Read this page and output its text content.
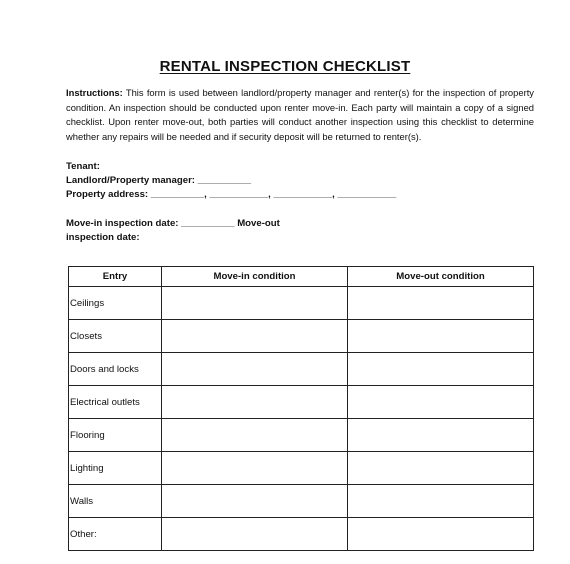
RENTAL INSPECTION CHECKLIST
Instructions: This form is used between landlord/property manager and renter(s) for the inspection of property condition. An inspection should be conducted upon renter move-in. Each party will maintain a copy of a signed checklist. Upon renter move-out, both parties will conduct another inspection using this checklist to determine whether any repairs will be needed and if security deposit will be returned to renter(s).
Tenant:
Landlord/Property manager: __________
Property address: __________, ___________, ___________, ___________
Move-in inspection date: __________ Move-out
inspection date:
Entry	Move-in condition	Move-out condition
Ceilings		
Closets		
Doors and locks		
Electrical outlets		
Flooring		
Lighting		
Walls		
Other:		
